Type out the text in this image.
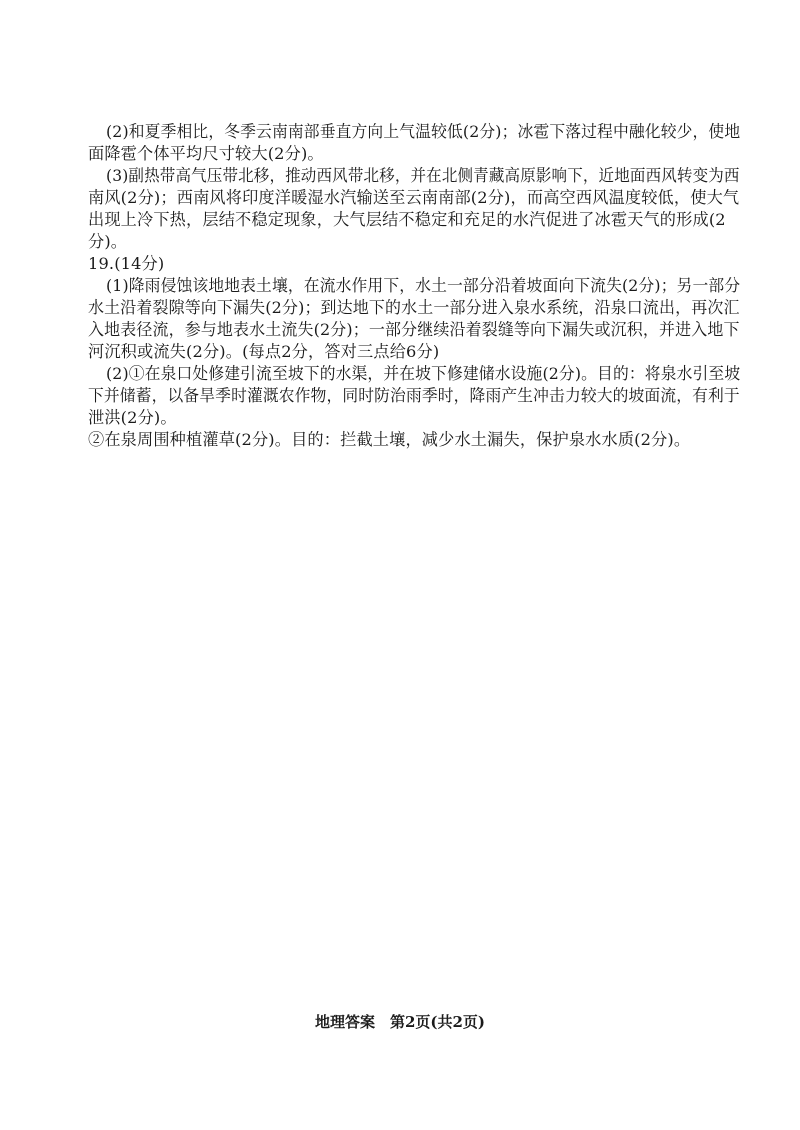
(2)和夏季相比，冬季云南南部垂直方向上气温较低(2分)；冰雹下落过程中融化较少，使地
面降雹个体平均尺寸较大(2分)。
(3)副热带高气压带北移，推动西风带北移，并在北侧青藏高原影响下，近地面西风转变为西
南风(2分)；西南风将印度洋暖湿水汽输送至云南南部(2分)，而高空西风温度较低，使大气
出现上冷下热，层结不稳定现象，大气层结不稳定和充足的水汽促进了冰雹天气的形成(2
分)。
19.(14分)
(1)降雨侵蚀该地地表土壤，在流水作用下，水土一部分沿着坡面向下流失(2分)；另一部分
水土沿着裂隙等向下漏失(2分)；到达地下的水土一部分进入泉水系统，沿泉口流出，再次汇
入地表径流，参与地表水土流失(2分)；一部分继续沿着裂缝等向下漏失或沉积，并进入地下
河沉积或流失(2分)。(每点2分，答对三点给6分)
(2)①在泉口处修建引流至坡下的水渠，并在坡下修建储水设施(2分)。目的：将泉水引至坡
下并储蓄，以备旱季时灌溉农作物，同时防治雨季时，降雨产生冲击力较大的坡面流，有利于
泄洪(2分)。
②在泉周围种植灌草(2分)。目的：拦截土壤，减少水土漏失，保护泉水水质(2分)。
地理答案　第2页(共2页)
